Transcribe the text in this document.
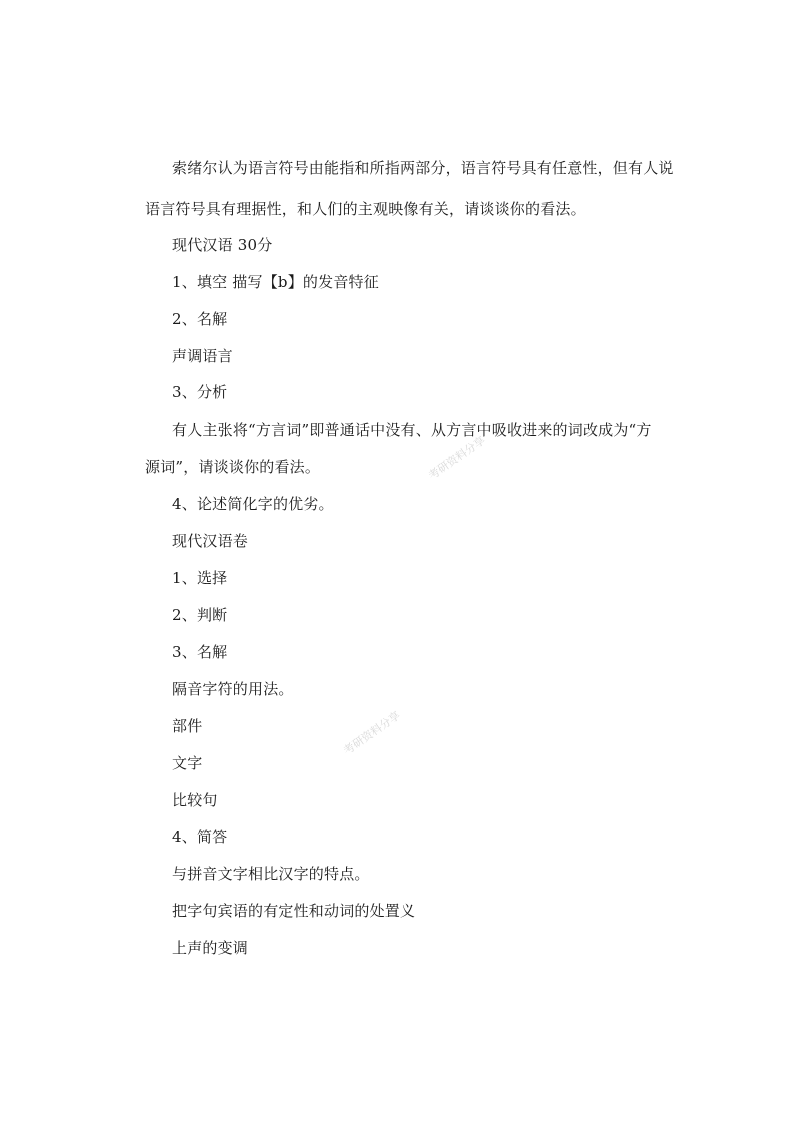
索绪尔认为语言符号由能指和所指两部分，语言符号具有任意性，但有人说
语言符号具有理据性，和人们的主观映像有关，请谈谈你的看法。
现代汉语 30分
1、填空 描写【b】的发音特征
2、名解
声调语言
3、分析
有人主张将“方言词”即普通话中没有、从方言中吸收进来的词改成为“方
源词”，请谈谈你的看法。
4、论述简化字的优劣。
现代汉语卷
1、选择
2、判断
3、名解
隔音字符的用法。
部件
文字
比较句
4、简答
与拼音文字相比汉字的特点。
把字句宾语的有定性和动词的处置义
上声的变调
考研资料分享
考研资料分享
